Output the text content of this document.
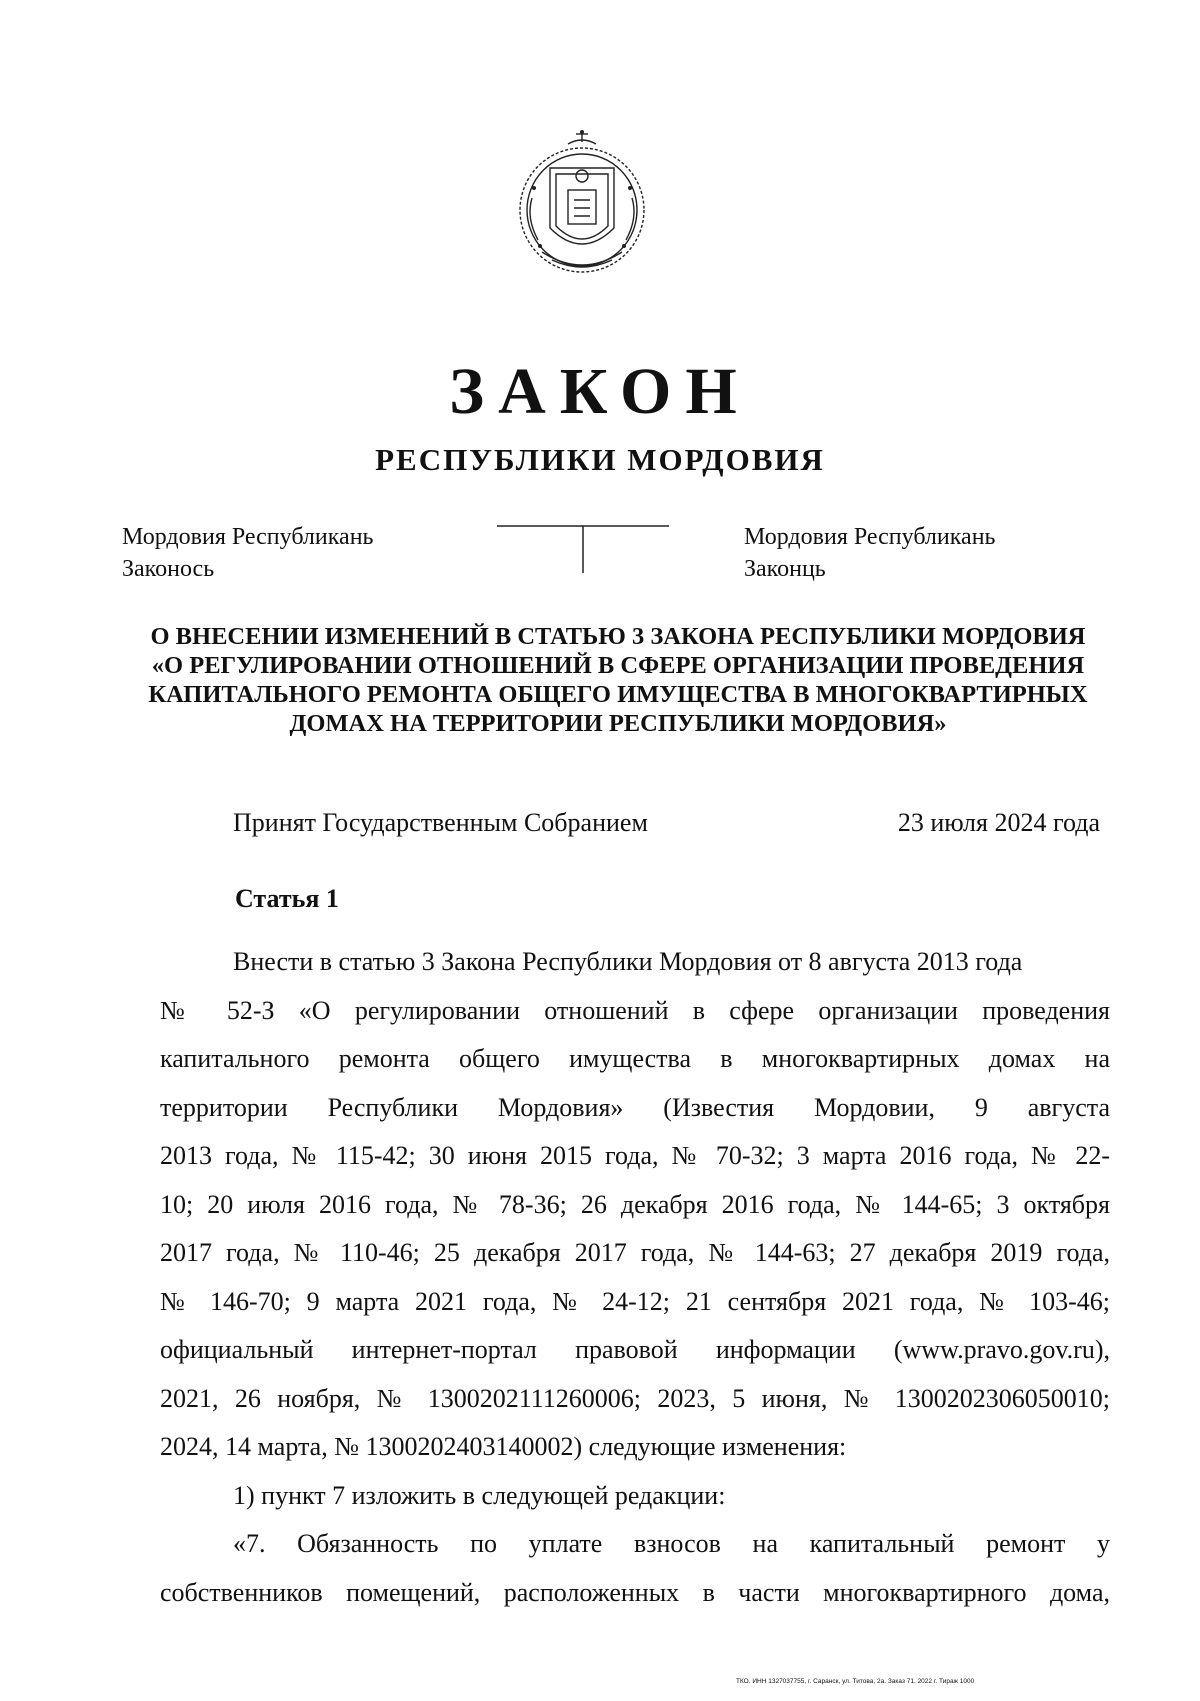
ЗАКОН
РЕСПУБЛИКИ МОРДОВИЯ
Мордовия Республикань
Законось
Мордовия Республикань
Законць
О ВНЕСЕНИИ ИЗМЕНЕНИЙ В СТАТЬЮ 3 ЗАКОНА РЕСПУБЛИКИ МОРДОВИЯ
«О РЕГУЛИРОВАНИИ ОТНОШЕНИЙ В СФЕРЕ ОРГАНИЗАЦИИ ПРОВЕДЕНИЯ
КАПИТАЛЬНОГО РЕМОНТА ОБЩЕГО ИМУЩЕСТВА В МНОГОКВАРТИРНЫХ
ДОМАХ НА ТЕРРИТОРИИ РЕСПУБЛИКИ МОРДОВИЯ»
Принят Государственным Собранием	23 июля 2024 года
Статья 1
Внести в статью 3 Закона Республики Мордовия от 8 августа 2013 года
№ 52-З «О регулировании отношений в сфере организации проведения
капитального ремонта общего имущества в многоквартирных домах на
территории Республики Мордовия» (Известия Мордовии, 9 августа
2013 года, № 115-42; 30 июня 2015 года, № 70-32; 3 марта 2016 года, № 22-
10; 20 июля 2016 года, № 78-36; 26 декабря 2016 года, № 144-65; 3 октября
2017 года, № 110-46; 25 декабря 2017 года, № 144-63; 27 декабря 2019 года,
№ 146-70; 9 марта 2021 года, № 24-12; 21 сентября 2021 года, № 103-46;
официальный интернет-портал правовой информации (www.pravo.gov.ru),
2021, 26 ноября, № 1300202111260006; 2023, 5 июня, № 1300202306050010;
2024, 14 марта, № 1300202403140002) следующие изменения:
1) пункт 7 изложить в следующей редакции:
«7. Обязанность по уплате взносов на капитальный ремонт у
собственников помещений, расположенных в части многоквартирного дома,
ТКО. ИНН 1327037755, г. Саранск, ул. Титова, 2а. Заказ 71. 2022 г. Тираж 1000
